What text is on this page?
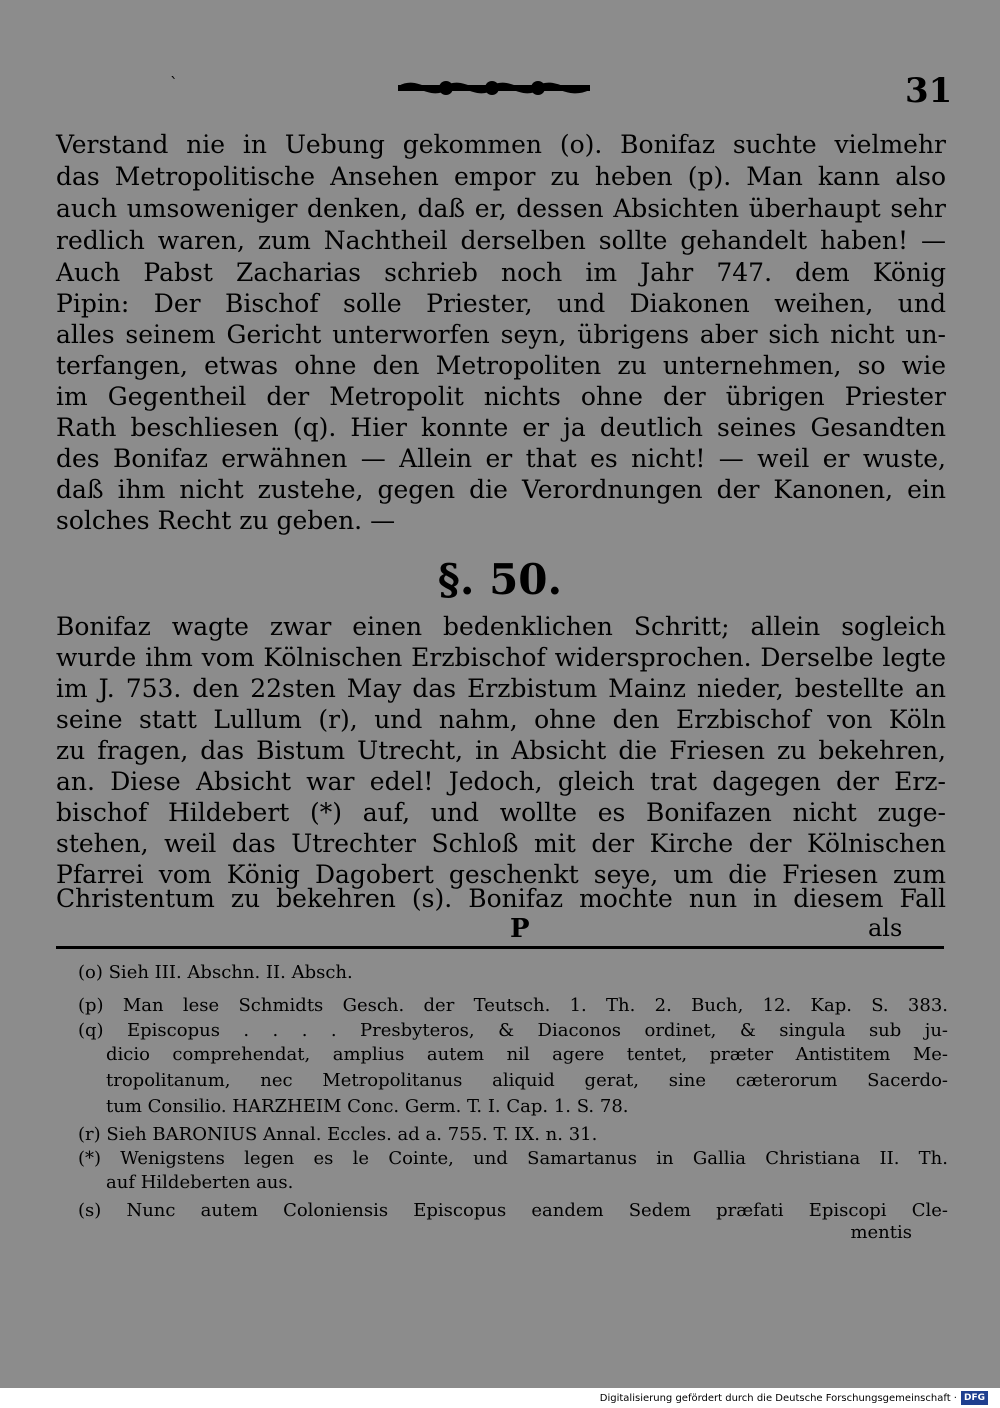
ˋ	31
Verstand nie in Uebung gekommen (o). Bonifaz suchte vielmehr
das Metropolitische Ansehen empor zu heben (p). Man kann also
auch umsoweniger denken, daß er, dessen Absichten überhaupt sehr
redlich waren, zum Nachtheil derselben sollte gehandelt haben! —
Auch Pabst Zacharias schrieb noch im Jahr 747. dem König
Pipin: Der Bischof solle Priester, und Diakonen weihen, und
alles seinem Gericht unterworfen seyn, übrigens aber sich nicht un-
terfangen, etwas ohne den Metropoliten zu unternehmen, so wie
im Gegentheil der Metropolit nichts ohne der übrigen Priester
Rath beschliesen (q). Hier konnte er ja deutlich seines Gesandten
des Bonifaz erwähnen — Allein er that es nicht! — weil er wuste,
daß ihm nicht zustehe, gegen die Verordnungen der Kanonen, ein
solches Recht zu geben. —
§. 50.
Bonifaz wagte zwar einen bedenklichen Schritt; allein sogleich
wurde ihm vom Kölnischen Erzbischof widersprochen. Derselbe legte
im J. 753. den 22sten May das Erzbistum Mainz nieder, bestellte an
seine statt Lullum (r), und nahm, ohne den Erzbischof von Köln
zu fragen, das Bistum Utrecht, in Absicht die Friesen zu bekehren,
an. Diese Absicht war edel! Jedoch, gleich trat dagegen der Erz-
bischof Hildebert (*) auf, und wollte es Bonifazen nicht zuge-
stehen, weil das Utrechter Schloß mit der Kirche der Kölnischen
Pfarrei vom König Dagobert geschenkt seye, um die Friesen zum
Christentum zu bekehren (s). Bonifaz mochte nun in diesem Fall
P	als
(o) Sieh III. Abschn. II. Absch.
(p) Man lese Schmidts Gesch. der Teutsch. 1. Th. 2. Buch, 12. Kap. S. 383.
(q) Episcopus . . . . Presbyteros, & Diaconos ordinet, & singula sub ju-
dicio comprehendat, amplius autem nil agere tentet, præter Antistitem Me-
tropolitanum, nec Metropolitanus aliquid gerat, sine cæterorum Sacerdo-
tum Consilio. HARZHEIM Conc. Germ. T. I. Cap. 1. S. 78.
(r) Sieh BARONIUS Annal. Eccles. ad a. 755. T. IX. n. 31.
(*) Wenigstens legen es le Cointe, und Samartanus in Gallia Christiana II. Th.
auf Hildeberten aus.
(s) Nunc autem Coloniensis Episcopus eandem Sedem præfati Episcopi Cle-
mentis
Digitalisierung gefördert durch die Deutsche Forschungsgemeinschaft · DFG
